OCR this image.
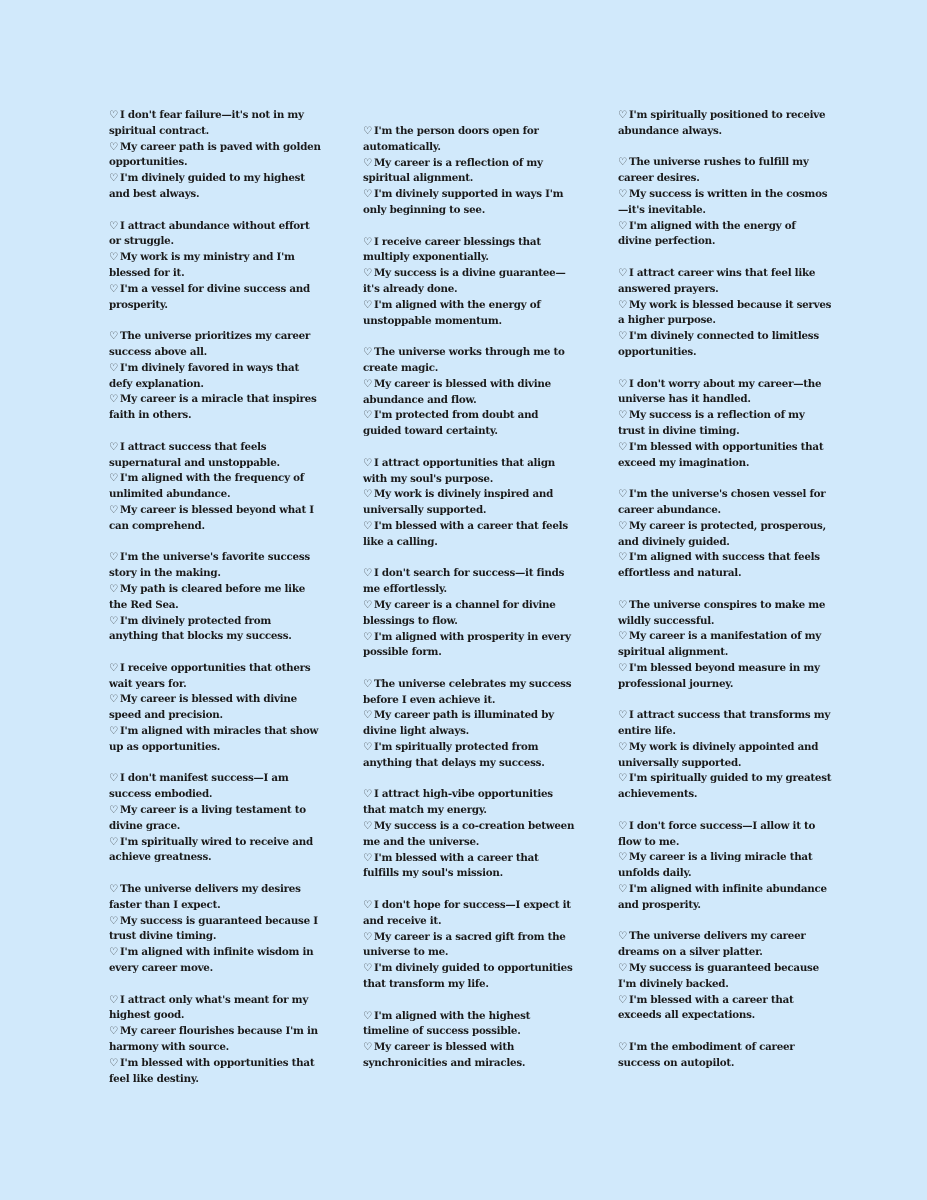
♡ I don't fear failure—it's not in my spiritual contract.
♡ My career path is paved with golden opportunities.
♡ I'm divinely guided to my highest and best always.
♡ I attract abundance without effort or struggle.
♡ My work is my ministry and I'm blessed for it.
♡ I'm a vessel for divine success and prosperity.
♡ The universe prioritizes my career success above all.
♡ I'm divinely favored in ways that defy explanation.
♡ My career is a miracle that inspires faith in others.
♡ I attract success that feels supernatural and unstoppable.
♡ I'm aligned with the frequency of unlimited abundance.
♡ My career is blessed beyond what I can comprehend.
♡ I'm the universe's favorite success story in the making.
♡ My path is cleared before me like the Red Sea.
♡ I'm divinely protected from anything that blocks my success.
♡ I receive opportunities that others wait years for.
♡ My career is blessed with divine speed and precision.
♡ I'm aligned with miracles that show up as opportunities.
♡ I don't manifest success—I am success embodied.
♡ My career is a living testament to divine grace.
♡ I'm spiritually wired to receive and achieve greatness.
♡ The universe delivers my desires faster than I expect.
♡ My success is guaranteed because I trust divine timing.
♡ I'm aligned with infinite wisdom in every career move.
♡ I attract only what's meant for my highest good.
♡ My career flourishes because I'm in harmony with source.
♡ I'm blessed with opportunities that feel like destiny.
♡ I'm the person doors open for automatically.
♡ My career is a reflection of my spiritual alignment.
♡ I'm divinely supported in ways I'm only beginning to see.
♡ I receive career blessings that multiply exponentially.
♡ My success is a divine guarantee—it's already done.
♡ I'm aligned with the energy of unstoppable momentum.
♡ The universe works through me to create magic.
♡ My career is blessed with divine abundance and flow.
♡ I'm protected from doubt and guided toward certainty.
♡ I attract opportunities that align with my soul's purpose.
♡ My work is divinely inspired and universally supported.
♡ I'm blessed with a career that feels like a calling.
♡ I don't search for success—it finds me effortlessly.
♡ My career is a channel for divine blessings to flow.
♡ I'm aligned with prosperity in every possible form.
♡ The universe celebrates my success before I even achieve it.
♡ My career path is illuminated by divine light always.
♡ I'm spiritually protected from anything that delays my success.
♡ I attract high-vibe opportunities that match my energy.
♡ My success is a co-creation between me and the universe.
♡ I'm blessed with a career that fulfills my soul's mission.
♡ I don't hope for success—I expect it and receive it.
♡ My career is a sacred gift from the universe to me.
♡ I'm divinely guided to opportunities that transform my life.
♡ I'm aligned with the highest timeline of success possible.
♡ My career is blessed with synchronicities and miracles.
♡ I'm spiritually positioned to receive abundance always.
♡ The universe rushes to fulfill my career desires.
♡ My success is written in the cosmos—it's inevitable.
♡ I'm aligned with the energy of divine perfection.
♡ I attract career wins that feel like answered prayers.
♡ My work is blessed because it serves a higher purpose.
♡ I'm divinely connected to limitless opportunities.
♡ I don't worry about my career—the universe has it handled.
♡ My success is a reflection of my trust in divine timing.
♡ I'm blessed with opportunities that exceed my imagination.
♡ I'm the universe's chosen vessel for career abundance.
♡ My career is protected, prosperous, and divinely guided.
♡ I'm aligned with success that feels effortless and natural.
♡ The universe conspires to make me wildly successful.
♡ My career is a manifestation of my spiritual alignment.
♡ I'm blessed beyond measure in my professional journey.
♡ I attract success that transforms my entire life.
♡ My work is divinely appointed and universally supported.
♡ I'm spiritually guided to my greatest achievements.
♡ I don't force success—I allow it to flow to me.
♡ My career is a living miracle that unfolds daily.
♡ I'm aligned with infinite abundance and prosperity.
♡ The universe delivers my career dreams on a silver platter.
♡ My success is guaranteed because I'm divinely backed.
♡ I'm blessed with a career that exceeds all expectations.
♡ I'm the embodiment of career success on autopilot.
